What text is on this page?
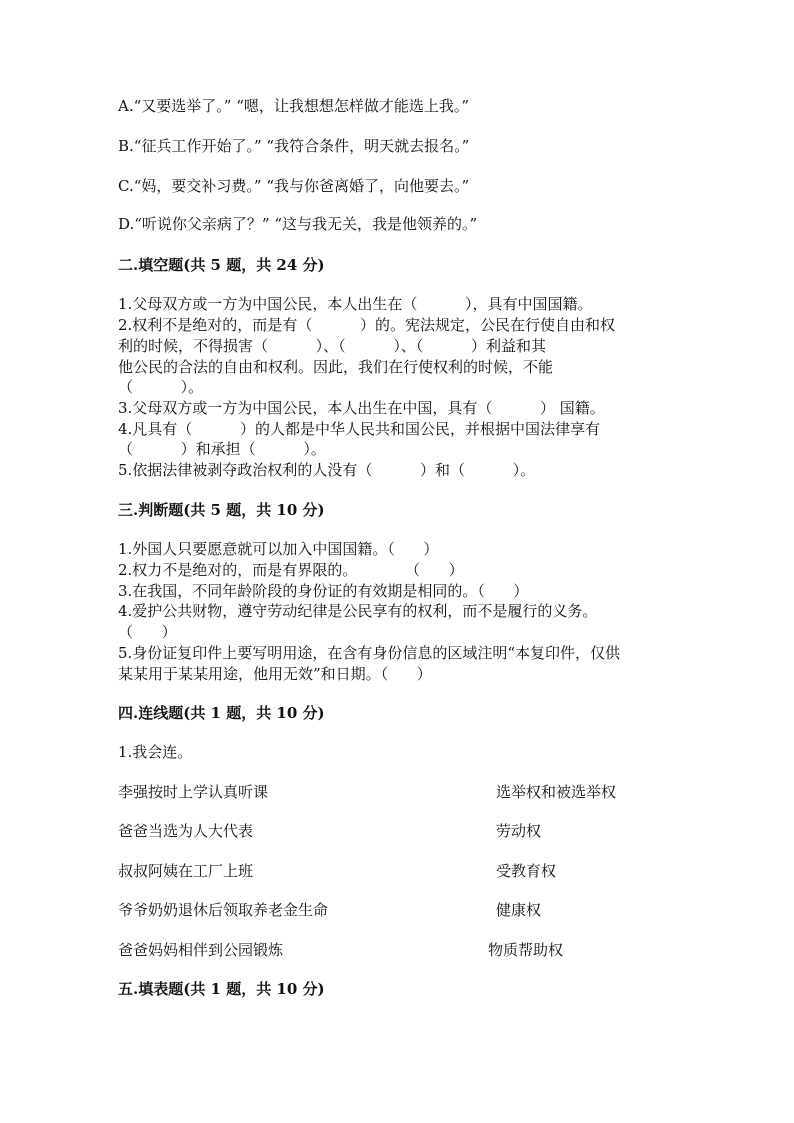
A.“又要选举了。” “嗯，让我想想怎样做才能选上我。”
B.“征兵工作开始了。” “我符合条件，明天就去报名。”
C.“妈，要交补习费。” “我与你爸离婚了，向他要去。”
D.“听说你父亲病了？” “这与我无关，我是他领养的。”
二.填空题(共 5 题，共 24 分)
1.父母双方或一方为中国公民，本人出生在（          ），具有中国国籍。
2.权利不是绝对的，而是有（          ）的。宪法规定，公民在行使自由和权
利的时候，不得损害（          ）、（          ）、（          ）利益和其
他公民的合法的自由和权利。因此，我们在行使权利的时候，不能
（          ）。
3.父母双方或一方为中国公民，本人出生在中国，具有（          ） 国籍。
4.凡具有（          ）的人都是中华人民共和国公民，并根据中国法律享有
（          ）和承担（          ）。
5.依据法律被剥夺政治权利的人没有（          ）和（          ）。
三.判断题(共 5 题，共 10 分)
1.外国人只要愿意就可以加入中国国籍。（      ）
2.权力不是绝对的，而是有界限的。          （      ）
3.在我国，不同年龄阶段的身份证的有效期是相同的。（      ）
4.爱护公共财物，遵守劳动纪律是公民享有的权利，而不是履行的义务。
（      ）
5.身份证复印件上要写明用途，在含有身份信息的区域注明“本复印件，仅供
某某用于某某用途，他用无效”和日期。（      ）
四.连线题(共 1 题，共 10 分)
1.我会连。
李强按时上学认真听课	选举权和被选举权
爸爸当选为人大代表	劳动权
叔叔阿姨在工厂上班	受教育权
爷爷奶奶退休后领取养老金生命	健康权
爸爸妈妈相伴到公园锻炼	物质帮助权
五.填表题(共 1 题，共 10 分)
